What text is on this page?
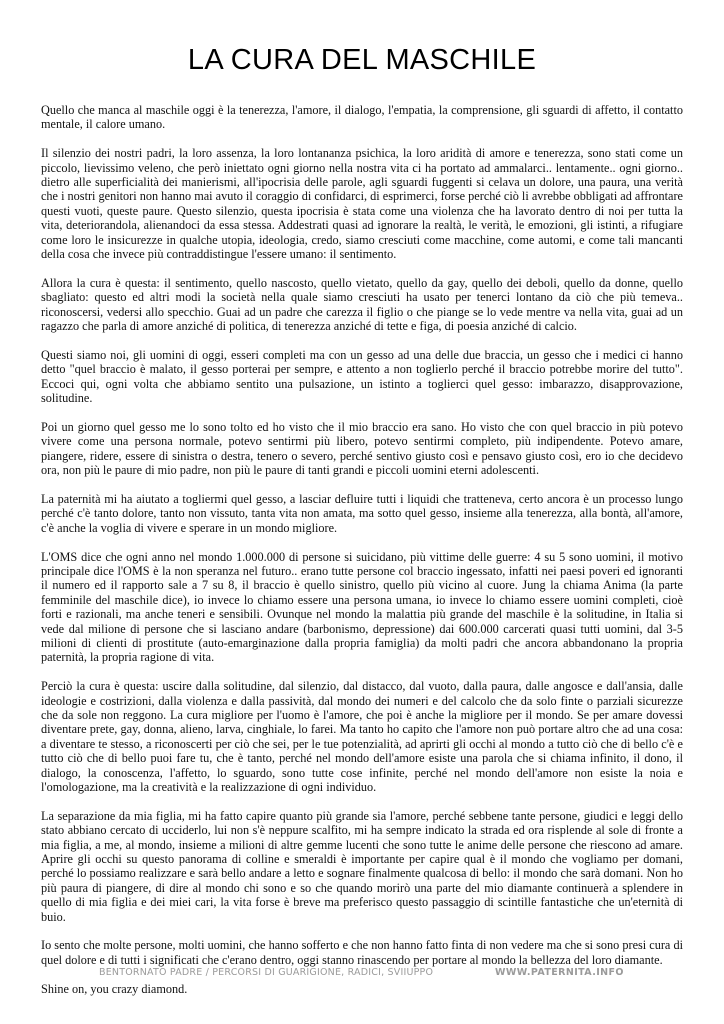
LA CURA DEL MASCHILE

Quello che manca al maschile oggi è la tenerezza, l'amore, il dialogo, l'empatia, la comprensione, gli sguardi di affetto, il contatto mentale, il calore umano.

Il silenzio dei nostri padri, la loro assenza, la loro lontananza psichica, la loro aridità di amore e tenerezza, sono stati come un piccolo, lievissimo veleno, che però iniettato ogni giorno nella nostra vita ci ha portato ad ammalarci.. lentamente.. ogni giorno.. dietro alle superficialità dei manierismi, all'ipocrisia delle parole, agli sguardi fuggenti si celava un dolore, una paura, una verità che i nostri genitori non hanno mai avuto il coraggio di confidarci, di esprimerci, forse perché ciò li avrebbe obbligati ad affrontare questi vuoti, queste paure. Questo silenzio, questa ipocrisia è stata come una violenza che ha lavorato dentro di noi per tutta la vita, deteriorandola, alienandoci da essa stessa. Addestrati quasi ad ignorare la realtà, le verità, le emozioni, gli istinti, a rifugiare come loro le insicurezze in qualche utopia, ideologia, credo, siamo cresciuti come macchine, come automi, e come tali mancanti della cosa che invece più contraddistingue l'essere umano: il sentimento.

Allora la cura è questa: il sentimento, quello nascosto, quello vietato, quello da gay, quello dei deboli, quello da donne, quello sbagliato: questo ed altri modi la società nella quale siamo cresciuti ha usato per tenerci lontano da ciò che più temeva.. riconoscersi, vedersi allo specchio. Guai ad un padre che carezza il figlio o che piange se lo vede mentre va nella vita, guai ad un ragazzo che parla di amore anziché di politica, di tenerezza anziché di tette e figa, di poesia anziché di calcio.

Questi siamo noi, gli uomini di oggi, esseri completi ma con un gesso ad una delle due braccia, un gesso che i medici ci hanno detto "quel braccio è malato, il gesso porterai per sempre, e attento a non toglierlo perché il braccio potrebbe morire del tutto". Eccoci qui, ogni volta che abbiamo sentito una pulsazione, un istinto a toglierci quel gesso: imbarazzo, disapprovazione, solitudine.

Poi un giorno quel gesso me lo sono tolto ed ho visto che il mio braccio era sano. Ho visto che con quel braccio in più potevo vivere come una persona normale, potevo sentirmi più libero, potevo sentirmi completo, più indipendente. Potevo amare, piangere, ridere, essere di sinistra o destra, tenero o severo, perché sentivo giusto così e pensavo giusto così, ero io che decidevo ora, non più le paure di mio padre, non più le paure di tanti grandi e piccoli uomini eterni adolescenti.

La paternità mi ha aiutato a togliermi quel gesso, a lasciar defluire tutti i liquidi che tratteneva, certo ancora è un processo lungo perché c'è tanto dolore, tanto non vissuto, tanta vita non amata, ma sotto quel gesso, insieme alla tenerezza, alla bontà, all'amore, c'è anche la voglia di vivere e sperare in un mondo migliore.

L'OMS dice che ogni anno nel mondo 1.000.000 di persone si suicidano, più vittime delle guerre: 4 su 5 sono uomini, il motivo principale dice l'OMS è la non speranza nel futuro.. erano tutte persone col braccio ingessato, infatti nei paesi poveri ed ignoranti il numero ed il rapporto sale a 7 su 8, il braccio è quello sinistro, quello più vicino al cuore. Jung la chiama Anima (la parte femminile del maschile dice), io invece lo chiamo essere una persona umana, io invece lo chiamo essere uomini completi, cioè forti e razionali, ma anche teneri e sensibili. Ovunque nel mondo la malattia più grande del maschile è la solitudine, in Italia si vede dal milione di persone che si lasciano andare (barbonismo, depressione) dai 600.000 carcerati quasi tutti uomini, dal 3-5 milioni di clienti di prostitute (auto-emarginazione dalla propria famiglia) da molti padri che ancora abbandonano la propria paternità, la propria ragione di vita.

Perciò la cura è questa: uscire dalla solitudine, dal silenzio, dal distacco, dal vuoto, dalla paura, dalle angosce e dall'ansia, dalle ideologie e costrizioni, dalla violenza e dalla passività, dal mondo dei numeri e del calcolo che da solo finte o parziali sicurezze che da sole non reggono. La cura migliore per l'uomo è l'amore, che poi è anche la migliore per il mondo. Se per amare dovessi diventare prete, gay, donna, alieno, larva, cinghiale, lo farei. Ma tanto ho capito che l'amore non può portare altro che ad una cosa: a diventare te stesso, a riconoscerti per ciò che sei, per le tue potenzialità, ad aprirti gli occhi al mondo a tutto ciò che di bello c'è e tutto ciò che di bello puoi fare tu, che è tanto, perché nel mondo dell'amore esiste una parola che si chiama infinito, il dono, il dialogo, la conoscenza, l'affetto, lo sguardo, sono tutte cose infinite, perché nel mondo dell'amore non esiste la noia e l'omologazione, ma la creatività e la realizzazione di ogni individuo.

La separazione da mia figlia, mi ha fatto capire quanto più grande sia l'amore, perché sebbene tante persone, giudici e leggi dello stato abbiano cercato di ucciderlo, lui non s'è neppure scalfito, mi ha sempre indicato la strada ed ora risplende al sole di fronte a mia figlia, a me, al mondo, insieme a milioni di altre gemme lucenti che sono tutte le anime delle persone che riescono ad amare. Aprire gli occhi su questo panorama di colline e smeraldi è importante per capire qual è il mondo che vogliamo per domani, perché lo possiamo realizzare e sarà bello andare a letto e sognare finalmente qualcosa di bello: il mondo che sarà domani. Non ho più paura di piangere, di dire al mondo chi sono e so che quando morirò una parte del mio diamante continuerà a splendere in quello di mia figlia e dei miei cari, la vita forse è breve ma preferisco questo passaggio di scintille fantastiche che un'eternità di buio.

Io sento che molte persone, molti uomini, che hanno sofferto e che non hanno fatto finta di non vedere ma che si sono presi cura di quel dolore e di tutti i significati che c'erano dentro, oggi stanno rinascendo per portare al mondo la bellezza del loro diamante.

Shine on, you crazy diamond.

BENTORNATO PADRE / PERCORSI DI GUARIGIONE, RADICI, SVIIUPPO	WWW.PATERNITA.INFO
